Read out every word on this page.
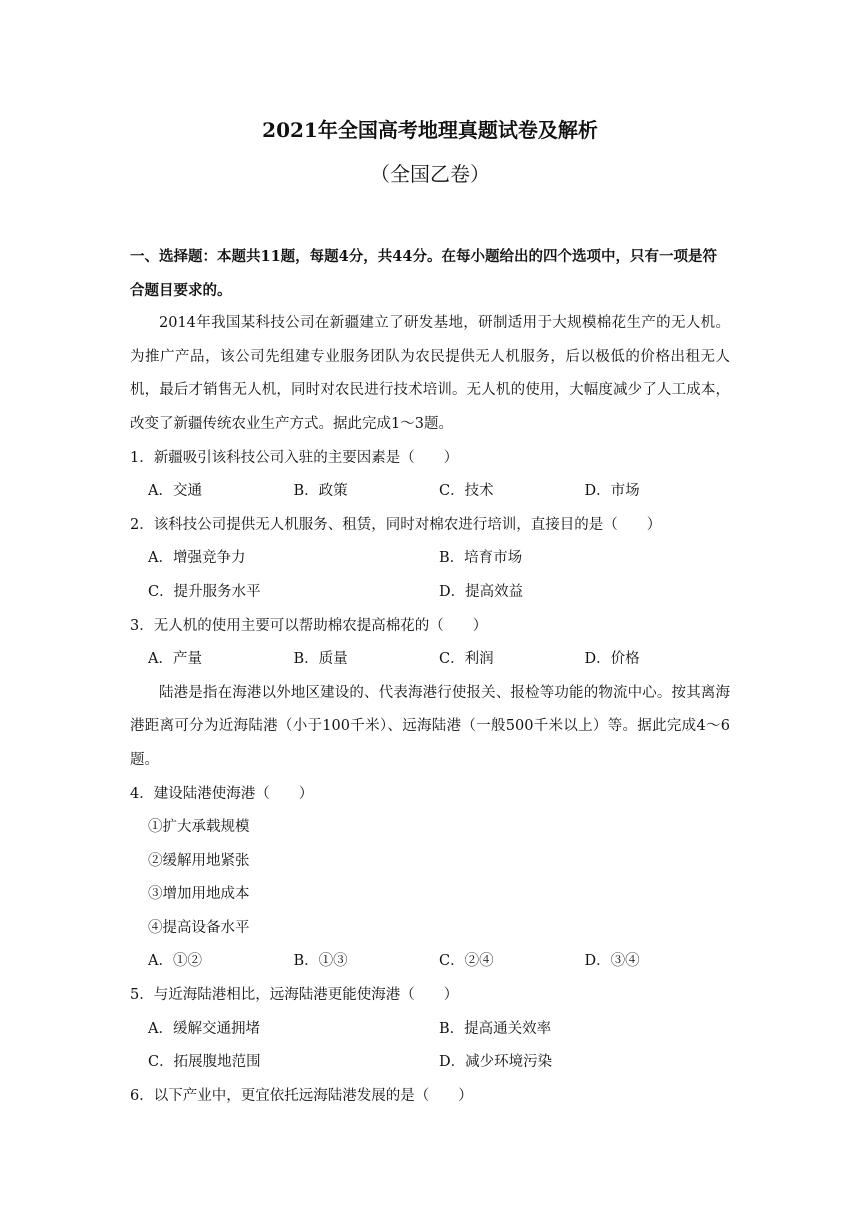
2021年全国高考地理真题试卷及解析
（全国乙卷）

一、选择题：本题共11题，每题4分，共44分。在每小题给出的四个选项中，只有一项是符合题目要求的。

2014年我国某科技公司在新疆建立了研发基地，研制适用于大规模棉花生产的无人机。为推广产品，该公司先组建专业服务团队为农民提供无人机服务，后以极低的价格出租无人机，最后才销售无人机，同时对农民进行技术培训。无人机的使用，大幅度减少了人工成本，改变了新疆传统农业生产方式。据此完成1～3题。

1．新疆吸引该科技公司入驻的主要因素是（　　）

A．交通	B．政策	C．技术	D．市场

2．该科技公司提供无人机服务、租赁，同时对棉农进行培训，直接目的是（　　）

A．增强竞争力	B．培育市场
C．提升服务水平	D．提高效益

3．无人机的使用主要可以帮助棉农提高棉花的（　　）

A．产量	B．质量	C．利润	D．价格

陆港是指在海港以外地区建设的、代表海港行使报关、报检等功能的物流中心。按其离海港距离可分为近海陆港（小于100千米）、远海陆港（一般500千米以上）等。据此完成4～6题。

4．建设陆港使海港（　　）

①扩大承载规模

②缓解用地紧张

③增加用地成本

④提高设备水平

A．①②	B．①③	C．②④	D．③④

5．与近海陆港相比，远海陆港更能使海港（　　）

A．缓解交通拥堵	B．提高通关效率
C．拓展腹地范围	D．减少环境污染

6．以下产业中，更宜依托远海陆港发展的是（　　）
